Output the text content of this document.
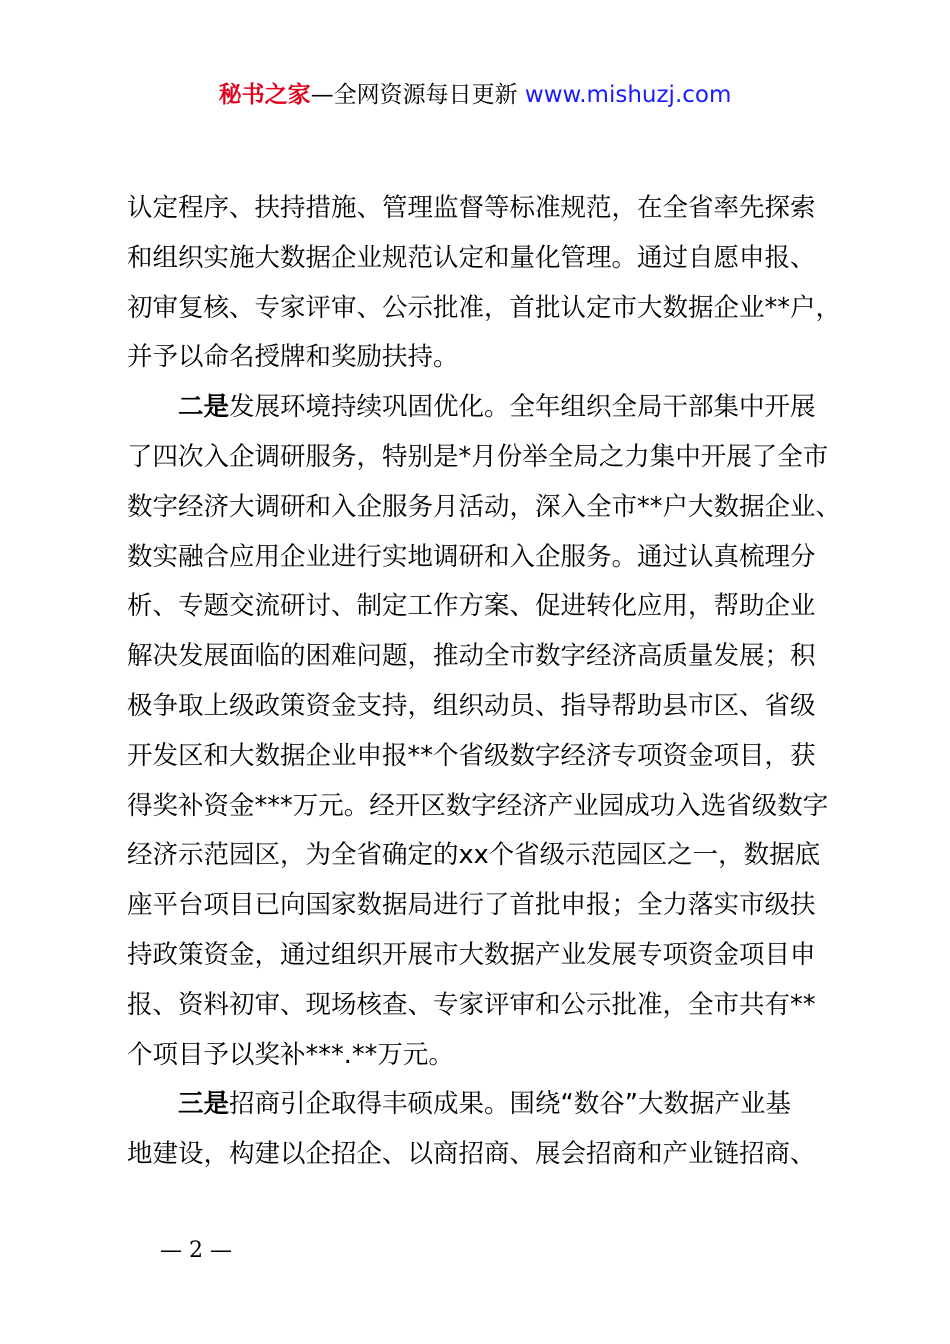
秘书之家—全网资源每日更新 www.mishuzj.com
认定程序、扶持措施、管理监督等标准规范，在全省率先探索
和组织实施大数据企业规范认定和量化管理。通过自愿申报、
初审复核、专家评审、公示批准，首批认定市大数据企业**户，
并予以命名授牌和奖励扶持。
二是发展环境持续巩固优化。全年组织全局干部集中开展
了四次入企调研服务，特别是*月份举全局之力集中开展了全市
数字经济大调研和入企服务月活动，深入全市**户大数据企业、
数实融合应用企业进行实地调研和入企服务。通过认真梳理分
析、专题交流研讨、制定工作方案、促进转化应用，帮助企业
解决发展面临的困难问题，推动全市数字经济高质量发展；积
极争取上级政策资金支持，组织动员、指导帮助县市区、省级
开发区和大数据企业申报**个省级数字经济专项资金项目，获
得奖补资金***万元。经开区数字经济产业园成功入选省级数字
经济示范园区，为全省确定的xx个省级示范园区之一，数据底
座平台项目已向国家数据局进行了首批申报；全力落实市级扶
持政策资金，通过组织开展市大数据产业发展专项资金项目申
报、资料初审、现场核查、专家评审和公示批准，全市共有**
个项目予以奖补***.**万元。
三是招商引企取得丰硕成果。围绕“数谷”大数据产业基
地建设，构建以企招企、以商招商、展会招商和产业链招商、
— 2 —
